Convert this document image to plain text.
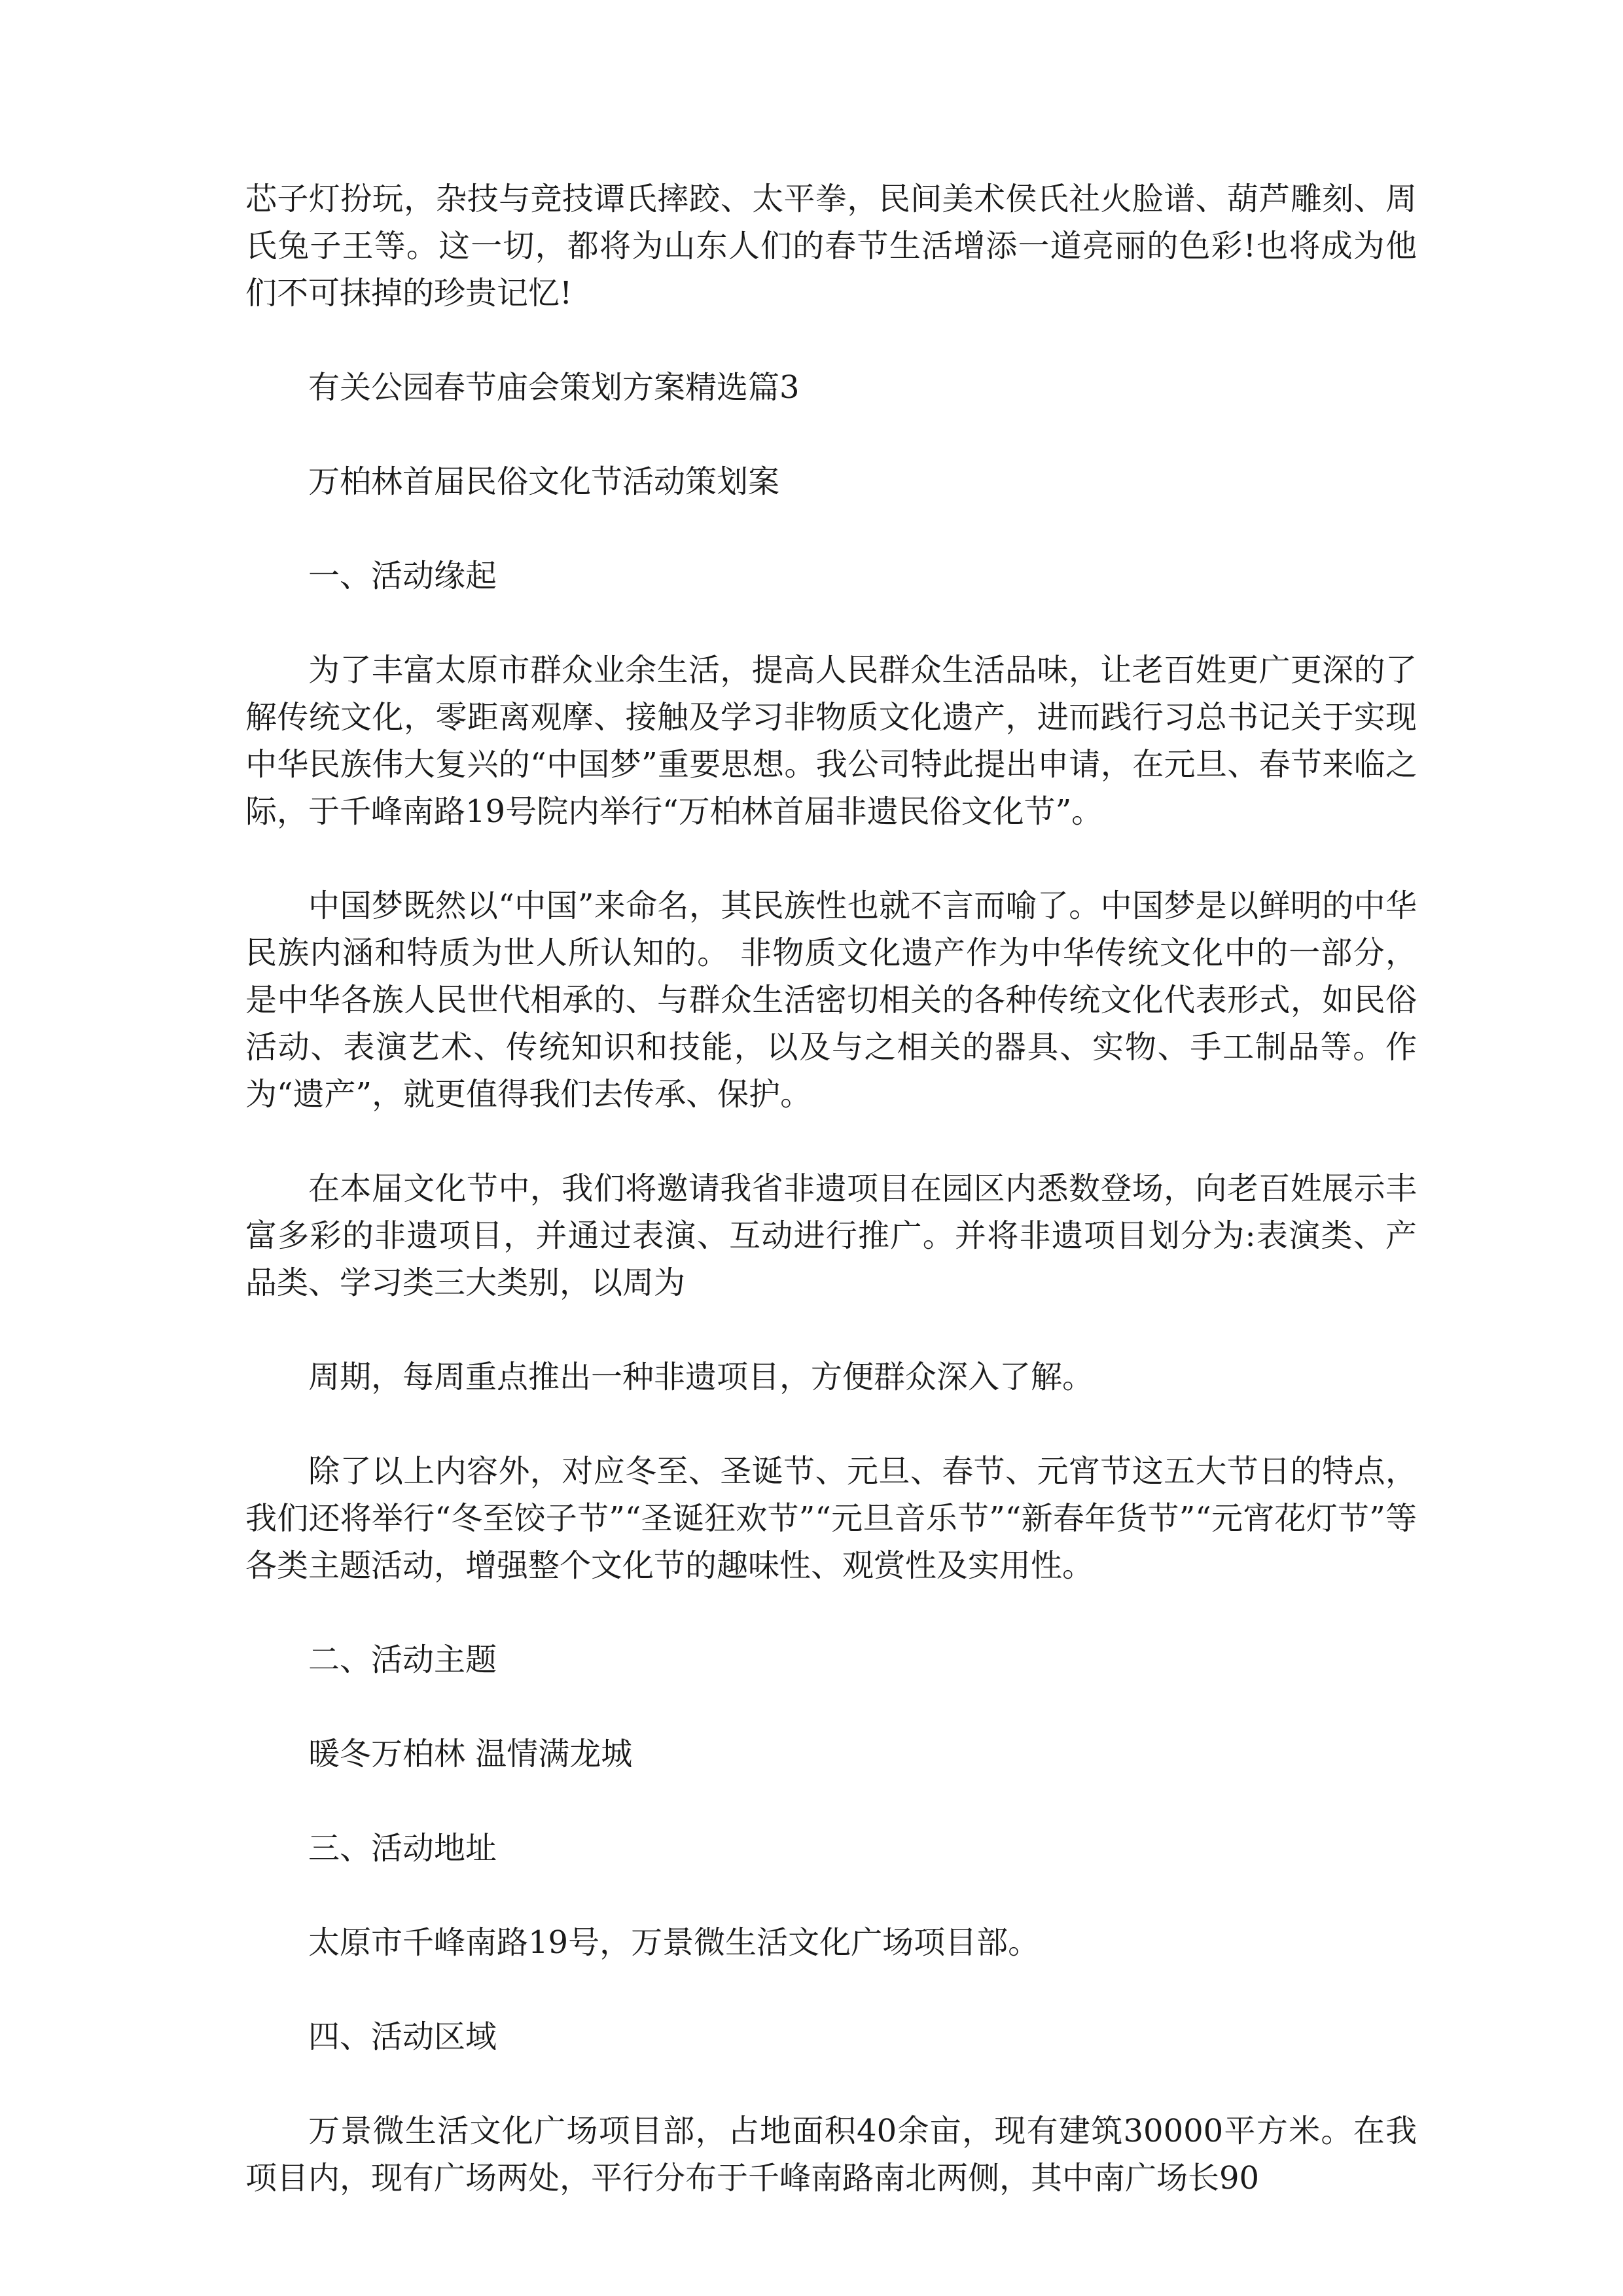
芯子灯扮玩，杂技与竞技谭氏摔跤、太平拳，民间美术侯氏社火脸谱、葫芦雕刻、周氏兔子王等。这一切，都将为山东人们的春节生活增添一道亮丽的色彩!也将成为他们不可抹掉的珍贵记忆!

有关公园春节庙会策划方案精选篇3

万柏林首届民俗文化节活动策划案

一、活动缘起

为了丰富太原市群众业余生活，提高人民群众生活品味，让老百姓更广更深的了解传统文化，零距离观摩、接触及学习非物质文化遗产，进而践行习总书记关于实现中华民族伟大复兴的“中国梦”重要思想。我公司特此提出申请，在元旦、春节来临之际，于千峰南路19号院内举行“万柏林首届非遗民俗文化节”。

中国梦既然以“中国”来命名，其民族性也就不言而喻了。中国梦是以鲜明的中华民族内涵和特质为世人所认知的。 非物质文化遗产作为中华传统文化中的一部分，是中华各族人民世代相承的、与群众生活密切相关的各种传统文化代表形式，如民俗活动、表演艺术、传统知识和技能，以及与之相关的器具、实物、手工制品等。作为“遗产”，就更值得我们去传承、保护。

在本届文化节中，我们将邀请我省非遗项目在园区内悉数登场，向老百姓展示丰富多彩的非遗项目，并通过表演、互动进行推广。并将非遗项目划分为:表演类、产品类、学习类三大类别，以周为

周期，每周重点推出一种非遗项目，方便群众深入了解。

除了以上内容外，对应冬至、圣诞节、元旦、春节、元宵节这五大节日的特点，我们还将举行“冬至饺子节”“圣诞狂欢节”“元旦音乐节”“新春年货节”“元宵花灯节”等各类主题活动，增强整个文化节的趣味性、观赏性及实用性。

二、活动主题

暖冬万柏林 温情满龙城

三、活动地址

太原市千峰南路19号，万景微生活文化广场项目部。

四、活动区域

万景微生活文化广场项目部，占地面积40余亩，现有建筑30000平方米。在我项目内，现有广场两处，平行分布于千峰南路南北两侧，其中南广场长90
